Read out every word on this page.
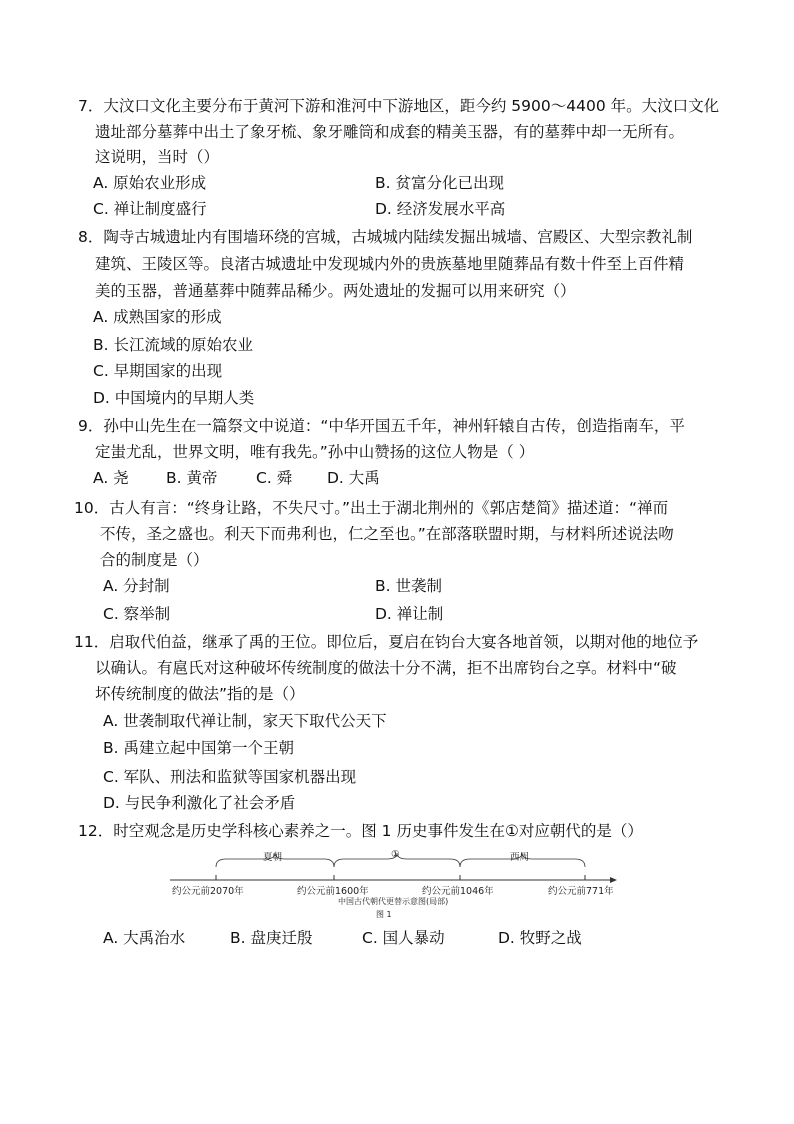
7．大汶口文化主要分布于黄河下游和淮河中下游地区，距今约 5900～4400 年。大汶口文化
遗址部分墓葬中出土了象牙梳、象牙雕筒和成套的精美玉器，有的墓葬中却一无所有。
这说明，当时（）
A. 原始农业形成	B. 贫富分化已出现
C. 禅让制度盛行	D. 经济发展水平高
8．陶寺古城遗址内有围墙环绕的宫城，古城城内陆续发掘出城墙、宫殿区、大型宗教礼制
建筑、王陵区等。良渚古城遗址中发现城内外的贵族墓地里随葬品有数十件至上百件精
美的玉器，普通墓葬中随葬品稀少。两处遗址的发掘可以用来研究（）
A. 成熟国家的形成
B. 长江流域的原始农业
C. 早期国家的出现
D. 中国境内的早期人类
9．孙中山先生在一篇祭文中说道：“中华开国五千年，神州轩辕自古传，创造指南车，平
定蚩尤乱，世界文明，唯有我先。”孙中山赞扬的这位人物是（ ）
A. 尧 B. 黄帝 C. 舜 D. 大禹
10．古人有言：“终身让路，不失尺寸。”出土于湖北荆州的《郭店楚简》描述道：“禅而
不传，圣之盛也。利天下而弗利也，仁之至也。”在部落联盟时期，与材料所述说法吻
合的制度是（）
A. 分封制	B. 世袭制
C. 察举制	D. 禅让制
11．启取代伯益，继承了禹的王位。即位后，夏启在钧台大宴各地首领，以期对他的地位予
以确认。有扈氏对这种破坏传统制度的做法十分不满，拒不出席钧台之享。材料中“破
坏传统制度的做法”指的是（）
A. 世袭制取代禅让制，家天下取代公天下
B. 禹建立起中国第一个王朝
C. 军队、刑法和监狱等国家机器出现
D. 与民争利激化了社会矛盾
12．时空观念是历史学科核心素养之一。图 1 历史事件发生在①对应朝代的是（）
夏朝	①	西周
约公元前2070年	约公元前1600年	约公元前1046年	约公元前771年
中国古代朝代更替示意图(局部)
图 1
A. 大禹治水	B. 盘庚迁殷	C. 国人暴动	D. 牧野之战
